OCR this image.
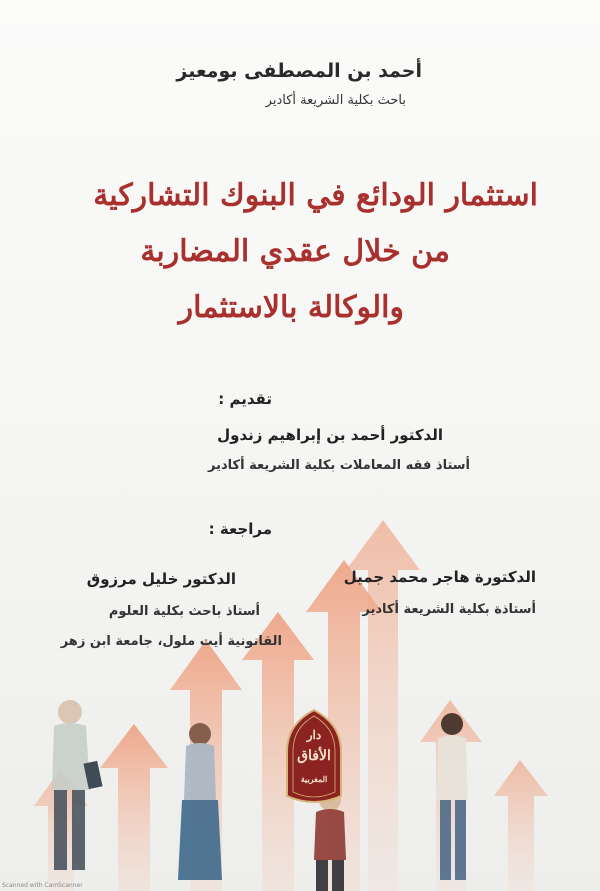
أحمد بن المصطفى بومعيز
باحث بكلية الشريعة أكادير
استثمار الودائع في البنوك التشاركية
من خلال عقدي المضاربة
والوكالة بالاستثمار
تقديم :
الدكتور أحمد بن إبراهيم زندول
أستاذ فقه المعاملات بكلية الشريعة أكادير
مراجعة :
الدكتورة هاجر محمد جميل
أستاذة بكلية الشريعة أكادير
الدكتور خليل مرزوق
أستاذ باحث بكلية العلوم
القانونية أيت ملول، جامعة ابن زهر
دار
الأفاق
المغربية
Scanned with CamScanner
